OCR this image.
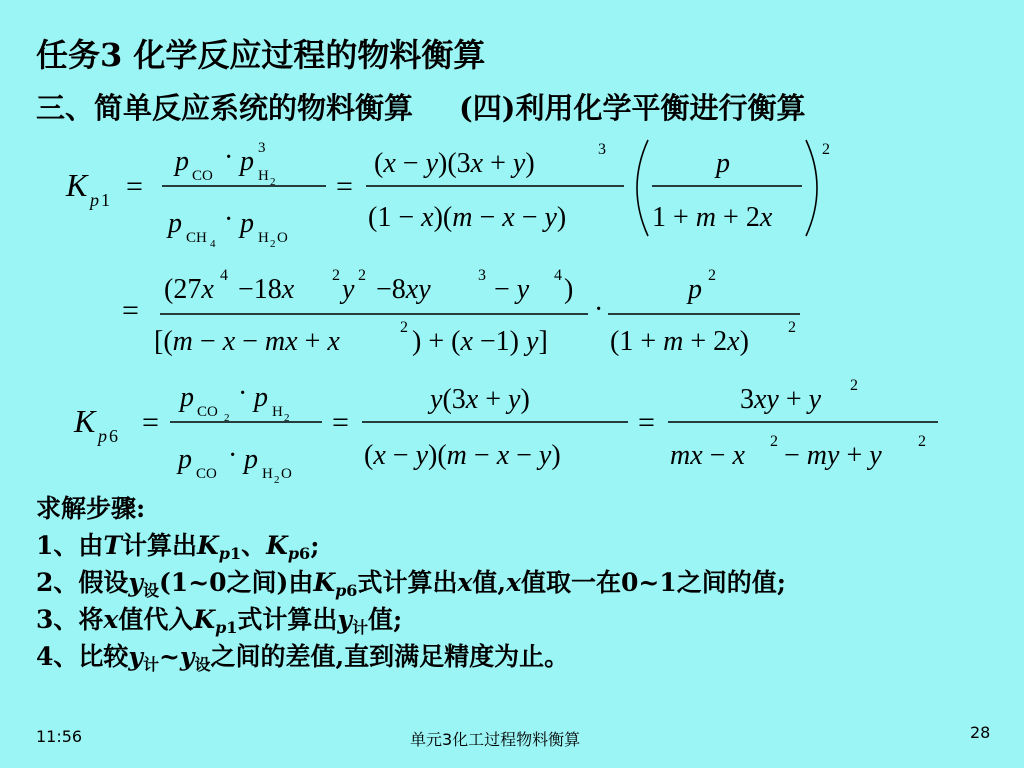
任务3 化学反应过程的物料衡算
三、简单反应系统的物料衡算 (四)利用化学平衡进行衡算
K p 1 =
p CO
· p H 2
3
p CH 4
· p H 2 O
=
(x − y)(3x + y)	3
(1 − x)(m − x − y)
p
1 + m + 2x
2
=
(27x 4 −18x 2 y 2 −8xy	3 − y 4 )
[(m − x − mx + x	2 ) + (x −1) y]
·
p 2
(1 + m + 2x) 2
K p 6 =
p CO 2
· p H 2
p CO
· p H 2 O
=
y(3x + y)
(x − y)(m − x − y)
=
3xy + y 2
mx − x 2 − my + y 2
求解步骤:
1、由T计算出$K_{p1}$、$K_{p6}$;
2、假设$y_设(1\sim 0$之间)由$K_{p6}$式计算出x值,x值取一在0~1之间的值;
3、将x值代入$K_{p1}$式计算出$y_计$值;
4、比较$y_计\sim y_设$之间的差值,直到满足精度为止。
11:56	单元3化工过程物料衡算	28
